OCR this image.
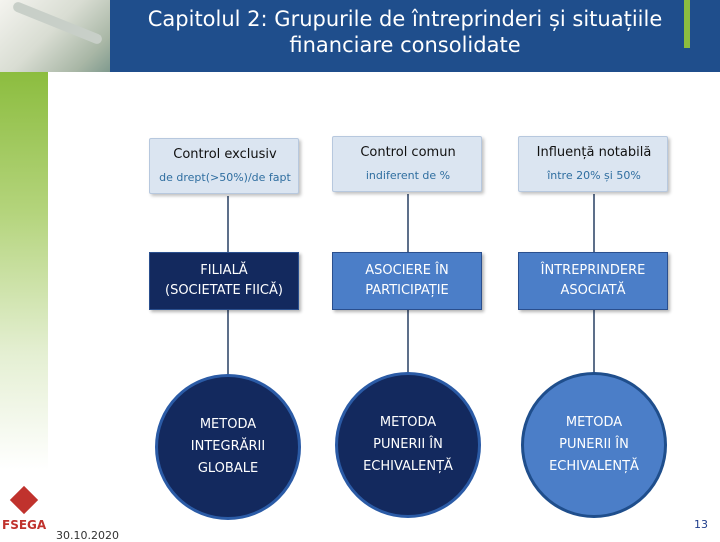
Capitolul 2: Grupurile de întreprinderi și situațiile
financiare consolidate
FSEGA
30.10.2020
13
Control exclusiv
de drept(>50%)/de fapt
FILIALĂ
(SOCIETATE FIICĂ)
METODA
INTEGRĂRII
GLOBALE
Control comun
indiferent de %
ASOCIERE ÎN
PARTICIPAȚIE
METODA
PUNERII ÎN
ECHIVALENȚĂ
Influență notabilă
între 20% și 50%
ÎNTREPRINDERE
ASOCIATĂ
METODA
PUNERII ÎN
ECHIVALENȚĂ
